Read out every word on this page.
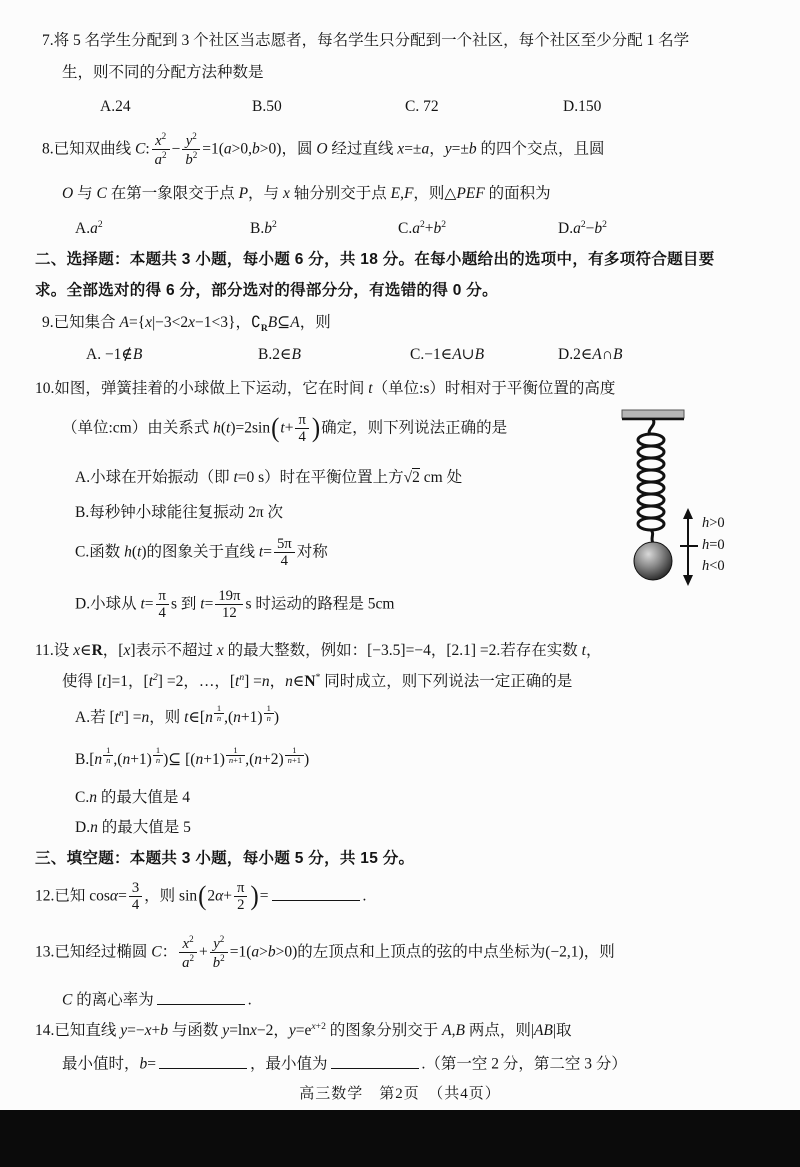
7.将 5 名学生分配到 3 个社区当志愿者，每名学生只分配到一个社区，每个社区至少分配 1 名学
生，则不同的分配方法种数是
A.24	B.50	C. 72	D.150
8.已知双曲线 C: $\frac{x^2}{a^2} - \frac{y^2}{b^2} =1(a>0,b>0)$，圆 O 经过直线 x=±a，y=±b 的四个交点，且圆
O 与 C 在第一象限交于点 P，与 x 轴分别交于点 E,F，则△PEF 的面积为
$A.a^2$	$B.b^2$	$C.a^2+b^2$	$D.a^2-b^2$
二、选择题：本题共 3 小题，每小题 6 分，共 18 分。在每小题给出的选项中，有多项符合题目要
求。全部选对的得 6 分，部分选对的得部分分，有选错的得 0 分。
9.已知集合 A={x|−3<2x−1<3}，$∁_RB⊆A$，则
A. −1∉B	B.2∈B	C.−1∈A∪B	D.2∈A∩B
10.如图，弹簧挂着的小球做上下运动，它在时间 t（单位:s）时相对于平衡位置的高度
（单位:cm）由关系式 $h(t)=2\sin(t+ \frac{\pi}{4}$ )确定，则下列说法正确的是
A.小球在开始振动（即 t=0 s）时在平衡位置上方√2 cm 处
B.每秒钟小球能往复振动 2π 次
C.函数 h(t)的图象关于直线 $t= \frac{5\pi}{4}$ 对称
D.小球从 $t= \frac{\pi}{4}$ s 到 $t= \frac{19\pi}{12}$ s 时运动的路程是 5cm
h>0
h=0
h<0
11.设 x∈R，[x]表示不超过 x 的最大整数，例如：[−3.5]=−4，[2.1] =2.若存在实数 t，
使得 [t]=1，$[t^2] =2$，…，$[t^n] =n$，n∈N* 同时成立，则下列说法一定正确的是
A.若 $[t^n] =n$，则 t∈[n $\frac{1}{n} ,(n+1) \frac{1}{n}$ )
$B.[n \frac{1}{n} ,(n+1) \frac{1}{n}$ )⊆ [$(n+1) \frac{1}{n+1} ,(n+2) \frac{1}{n+1}$ )
C.n 的最大值是 4
D.n 的最大值是 5
三、填空题：本题共 3 小题，每小题 5 分，共 15 分。
12.已知 $\cos\alpha= \frac{3}{4}$ ，则 $\sin(2\alpha+ \frac{\pi}{2}$ )=	.
13.已知经过椭圆 C： $\frac{x^2}{a^2} + \frac{y^2}{b^2} =1(a>b>0)$的左顶点和上顶点的弦的中点坐标为(−2,1)，则
C 的离心率为	.
14.已知直线 y=−x+b 与函数 y=lnx−2，$y=e^{x+2}$ 的图象分别交于 A,B 两点，则|AB|取
最小值时，b=	，最小值为	.（第一空 2 分，第二空 3 分）
高三数学　第2页　（共4页）
